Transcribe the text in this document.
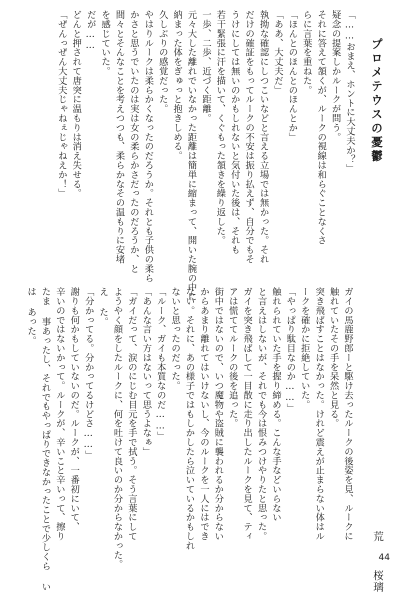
プロメテウスの憂鬱

「……おまえ、ホントに大丈夫か？」

疑念の提案しかルークが問う。

それに答えて頷くが、ルークの視線は和らぐことなくさ

らに言葉を重ねた。

「ほんとのほんとのほんとか」

「ああ、大丈夫だ」

執拗な確認にしつこいなどと言える立場では無かった。それ

だけの確証をもってルークの不安は振り払えず、自分でもそ

うけにしては無いのかもしれないと気付いた後は、それも

若干緊張に汗を描いて、くぐもった頷きを繰り返した。

一歩、二歩、近づく距離。

元々大した離れでいなかった距離は簡単に縮まって、開いた腕の中に

納まった体をぎゅっと抱きしめる。

久しぶりの感覚だった。

やはりルークは柔らかくなったのだろうか。それとも子供の柔ら

かさと思うでいたのは実は女の柔らかさだったのだろうか、と

間々とそんなことを考えつつも、柔らかなその温もりに安堵

を感じていた。

だが……

どんと押されて唐突に温もりは消え失せる。

「ぜんっぜん大丈夫じゃねぇじゃねえか！」

荒 桜璃

ガイの馬鹿野郎ーと駆け去ったルークの後姿を見、ルークに

触れていたその手を呆然と見る。

突き飛ばすことはなかった。けれど震えが止まらない体はル

ークを確かに拒絶していた。

「やっぱり駄目なのか……」

触れられていた手を握り締める。こんな手などいらない

と言えはしないが、それでも今は恨みつけやりたと思った。

ガイを突き飛ばして一目散に走り出したルークを見て、ティ

アは慌ててルークの後を追った。

街中ではないので、いつ魔物や盗賊に襲われるか分からない

からあまり離れてはいけないし、今のルークを一人にはでき

ない。それに、あの様子ではもしかしたら泣いているかもしれ

ないと思ったのだった。

「ルーク、ガイも本質なのだ……」

「あんな言い方はないって思うよなぁ」

「ガイだって、涙のにじむ目元を手で拭う。そう言葉にして

ようやく顔をしたルークに、何を吐けて良いのか分からなかった。

え た。

「分かってる。分かってるけどさ……」

謝りも何かもしていないのだ。ルークが、一番初にいて、

辛いのではないかって。ルークが、辛いこと辛いって、擦り

たま 事あったし、それでもやっぱりできなかったことで少しくら い

は あった。

44
